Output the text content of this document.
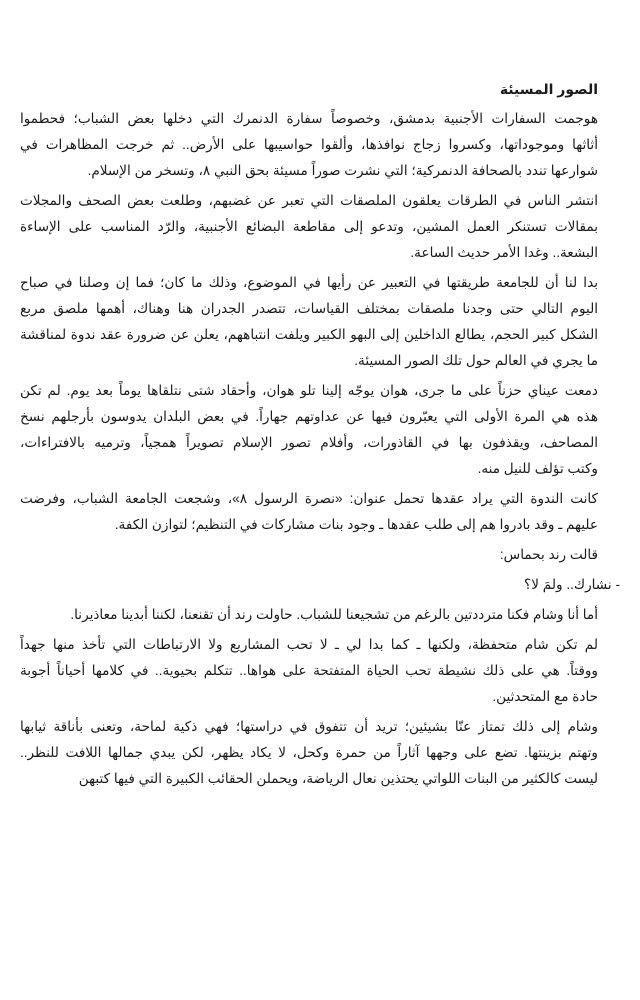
الصور المسيئة
هوجمت السفارات الأجنبية بدمشق، وخصوصاً سفارة الدنمرك التي دخلها بعض الشباب؛ فحطموا
أثاثها وموجوداتها، وكسروا زجاج نوافذها، وألقوا حواسيبها على الأرض.. ثم خرجت المظاهرات في
شوارعها تندد بالصحافة الدنمركية؛ التي نشرت صوراً مسيئة بحق النبي ٨، وتسخر من الإسلام.
انتشر الناس في الطرقات يعلقون الملصقات التي تعبر عن غضبهم، وطلعت بعض الصحف والمجلات
بمقالات تستنكر العمل المشين، وتدعو إلى مقاطعة البضائع الأجنبية، والرّد المناسب على الإساءة
البشعة.. وغدا الأمر حديث الساعة.
بدا لنا أن للجامعة طريقتها في التعبير عن رأيها في الموضوع، وذلك ما كان؛ فما إن وصلنا في صباح
اليوم التالي حتى وجدنا ملصقات بمختلف القياسات، تتصدر الجدران هنا وهناك، أهمها ملصق مربع
الشكل كبير الحجم، يطالع الداخلين إلى البهو الكبير ويلفت انتباههم، يعلن عن ضرورة عقد ندوة لمناقشة
ما يجري في العالم حول تلك الصور المسيئة.
دمعت عيناي حزناً على ما جرى، هوان يوجّه إلينا تلو هوان، وأحقاد شتى نتلقاها يوماً بعد يوم. لم تكن
هذه هي المرة الأولى التي يعبّرون فيها عن عداوتهم جهاراً. في بعض البلدان يدوسون بأرجلهم نسخ
المصاحف، ويقذفون بها في القاذورات، وأفلام تصور الإسلام تصويراً همجياً، وترميه بالافتراءات،
وكتب تؤلف للنيل منه.
كانت الندوة التي يراد عقدها تحمل عنوان: «نصرة الرسول ٨»، وشجعت الجامعة الشباب، وفرضت
عليهم ـ وقد بادروا هم إلى طلب عقدها ـ وجود بنات مشاركات في التنظيم؛ لتوازن الكفة.
قالت رند بحماس:
- نشارك.. ولمَ لا؟
أما أنا وشام فكنا مترددتين بالرغم من تشجيعنا للشباب. حاولت رند أن تقنعنا، لكننا أبدينا معاذيرنا.
لم تكن شام متحفظة، ولكنها ـ كما بدا لي ـ لا تحب المشاريع ولا الارتباطات التي تأخذ منها جهداً
ووقتاً. هي على ذلك نشيطة تحب الحياة المتفتحة على هواها.. تتكلم بحيوية.. في كلامها أحياناً أجوبة
حادة مع المتحدثين.
وشام إلى ذلك تمتاز عنّا بشيئين؛ تريد أن تتفوق في دراستها؛ فهي ذكية لماحة، وتعنى بأناقة ثيابها
وتهتم بزينتها. تضع على وجهها آثاراً من حمرة وكحل، لا يكاد يظهر، لكن يبدي جمالها اللافت للنظر..
ليست كالكثير من البنات اللواتي يحتذين نعال الرياضة، ويحملن الحقائب الكبيرة التي فيها كتبهن
